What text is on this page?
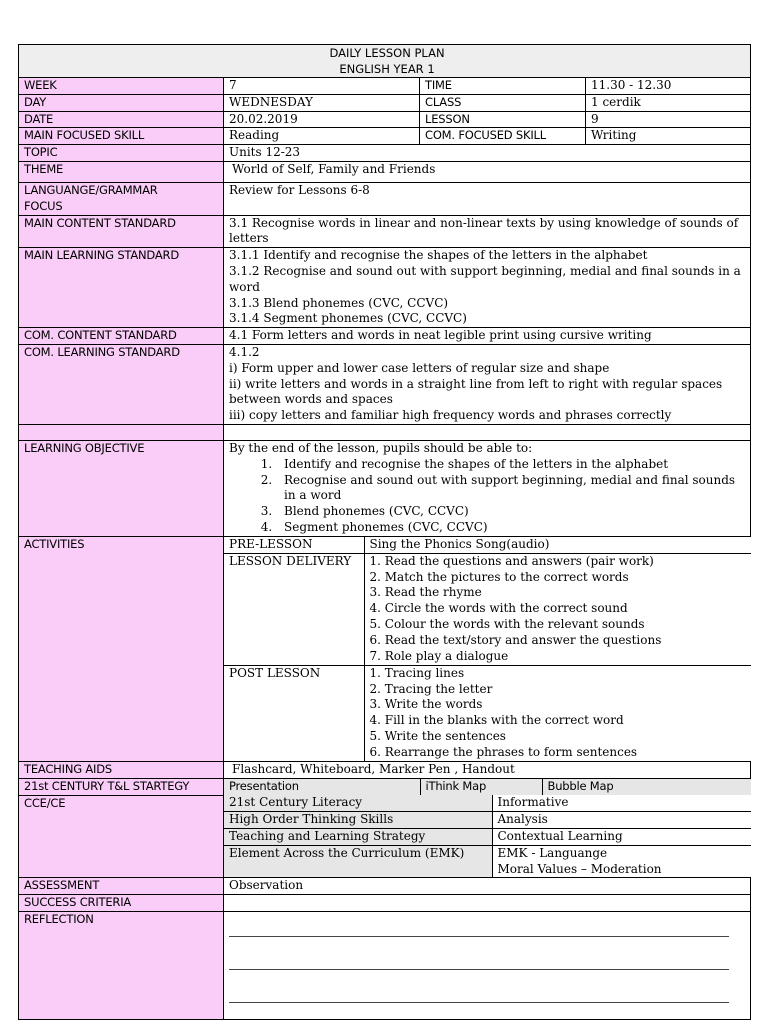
DAILY LESSON PLAN
ENGLISH YEAR 1

WEEK	7	TIME	11.30 - 12.30
DAY	WEDNESDAY	CLASS	1 cerdik
DATE	20.02.2019	LESSON	9
MAIN FOCUSED SKILL	Reading	COM. FOCUSED SKILL	Writing
TOPIC	Units 12-23
THEME	World of Self, Family and Friends

LANGUANGE/GRAMMAR
FOCUS
	Review for Lessons 6-8
MAIN CONTENT STANDARD	3.1 Recognise words in linear and non-linear texts by using knowledge of sounds of letters
MAIN LEARNING STANDARD	3.1.1 Identify and recognise the shapes of the letters in the alphabet
3.1.2 Recognise and sound out with support beginning, medial and final sounds in a word
3.1.3 Blend phonemes (CVC, CCVC)
3.1.4 Segment phonemes (CVC, CCVC)

COM. CONTENT STANDARD	4.1 Form letters and words in neat legible print using cursive writing
COM. LEARNING STANDARD	4.1.2
i) Form upper and lower case letters of regular size and shape
ii) write letters and words in a straight line from left to right with regular spaces between words and spaces
iii) copy letters and familiar high frequency words and phrases correctly

LEARNING OBJECTIVE	By the end of the lesson, pupils should be able to:
1. Identify and recognise the shapes of the letters in the alphabet
2. Recognise and sound out with support beginning, medial and final sounds in a word
3. Blend phonemes (CVC, CCVC)
4. Segment phonemes (CVC, CCVC)

ACTIVITIES		PRE-LESSON	Sing the Phonics Song(audio)
LESSON DELIVERY	1. Read the questions and answers (pair work)
2. Match the pictures to the correct words
3. Read the rhyme
4. Circle the words with the correct sound
5. Colour the words with the relevant sounds
6. Read the text/story and answer the questions
7. Role play a dialogue

POST LESSON	1. Tracing lines
2. Tracing the letter
3. Write the words
4. Fill in the blanks with the correct word
5. Write the sentences
6. Rearrange the phrases to form sentences

TEACHING AIDS	Flashcard, Whiteboard, Marker Pen , Handout
21st CENTURY T&L STARTEGY		Presentation	iThink Map	Bubble Map

CCE/CE		21st Century Literacy	Informative
High Order Thinking Skills	Analysis
Teaching and Learning Strategy	Contextual Learning
Element Across the Curriculum (EMK)	EMK - Languange
Moral Values – Moderation

ASSESSMENT	Observation
SUCCESS CRITERIA	
REFLECTION	
